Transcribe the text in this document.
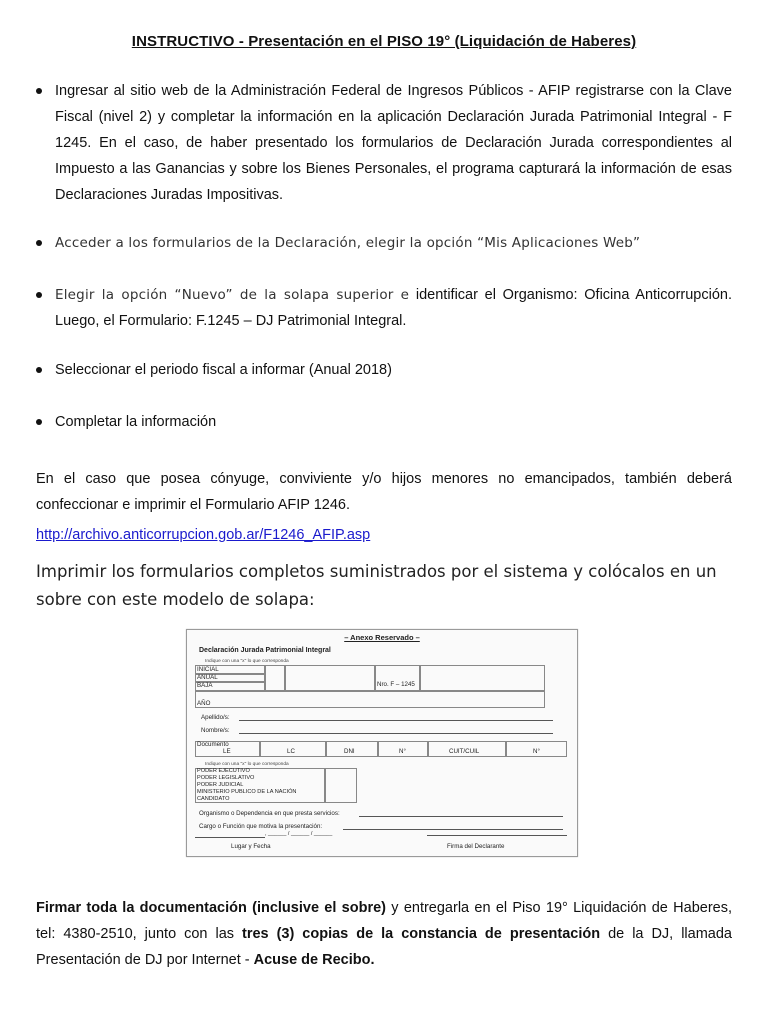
INSTRUCTIVO - Presentación en el PISO 19° (Liquidación de Haberes)
Ingresar al sitio web de la Administración Federal de Ingresos Públicos - AFIP registrarse con la Clave Fiscal (nivel 2) y completar la información en la aplicación Declaración Jurada Patrimonial Integral - F 1245. En el caso, de haber presentado los formularios de Declaración Jurada correspondientes al Impuesto a las Ganancias y sobre los Bienes Personales, el programa capturará la información de esas Declaraciones Juradas Impositivas.
Acceder a los formularios de la Declaración, elegir la opción “Mis Aplicaciones Web”
Elegir la opción “Nuevo” de la solapa superior e identificar el Organismo: Oficina Anticorrupción. Luego, el Formulario: F.1245 – DJ Patrimonial Integral.
Seleccionar el periodo fiscal a informar (Anual 2018)
Completar la información
En el caso que posea cónyuge, conviviente y/o hijos menores no emancipados, también deberá confeccionar e imprimir el Formulario AFIP 1246.
http://archivo.anticorrupcion.gob.ar/F1246_AFIP.asp
Imprimir los formularios completos suministrados por el sistema y colócalos en un sobre con este modelo de solapa:
– Anexo Reservado –
Declaración Jurada Patrimonial Integral
Indique con una "x" lo que corresponda
INICIAL
ANUAL
BAJA	Nro. F – 1245
AÑO
Apellido/s:
Nombre/s:
Documento
LE	LC	DNI	N°	CUIT/CUIL	N°
Indique con una "x" lo que corresponda
PODER EJECUTIVO
PODER LEGISLATIVO
PODER JUDICIAL
MINISTERIO PUBLICO DE LA NACIÓN
CANDIDATO
Organismo o Dependencia en que presta servicios:
Cargo o Función que motiva la presentación:
, ______ / ______ / ______
Lugar y Fecha	Firma del Declarante
Firmar toda la documentación (inclusive el sobre) y entregarla en el Piso 19° Liquidación de Haberes, tel: 4380-2510, junto con las tres (3) copias de la constancia de presentación de la DJ, llamada Presentación de DJ por Internet - Acuse de Recibo.
